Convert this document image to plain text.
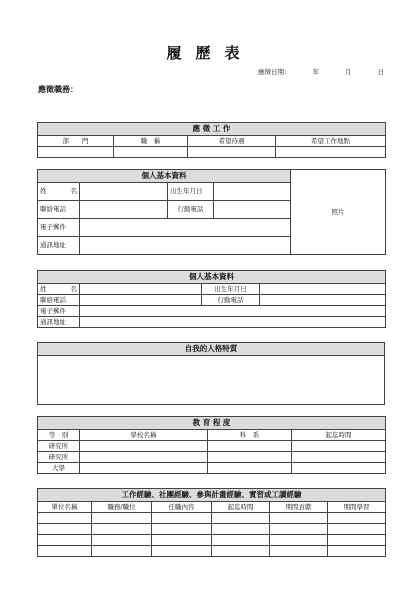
履歷表
應徵日期：	年	月	日
應徵職務：
應 徵 工 作			
部　　門	職　稱	希望待遇	希望工作地點

個人基本資料				照片
姓　　名		出生年月日		
聯絡電話		行動電話		
電子郵件				
通訊地址				
個人基本資料			
姓　　名		出生年月日	
聯絡電話		行動電話	
電子郵件			
通訊地址			
自我的人格特質

教 育 程 度			
等　別	學校名稱	科　系	起迄時間
研究所			
研究所			
大學			
工作經驗、社團經驗、參與計畫經驗、實習或工讀經驗					
單位名稱	職務/職位	任職內容	起迄時間	期間貢獻	期間學習
